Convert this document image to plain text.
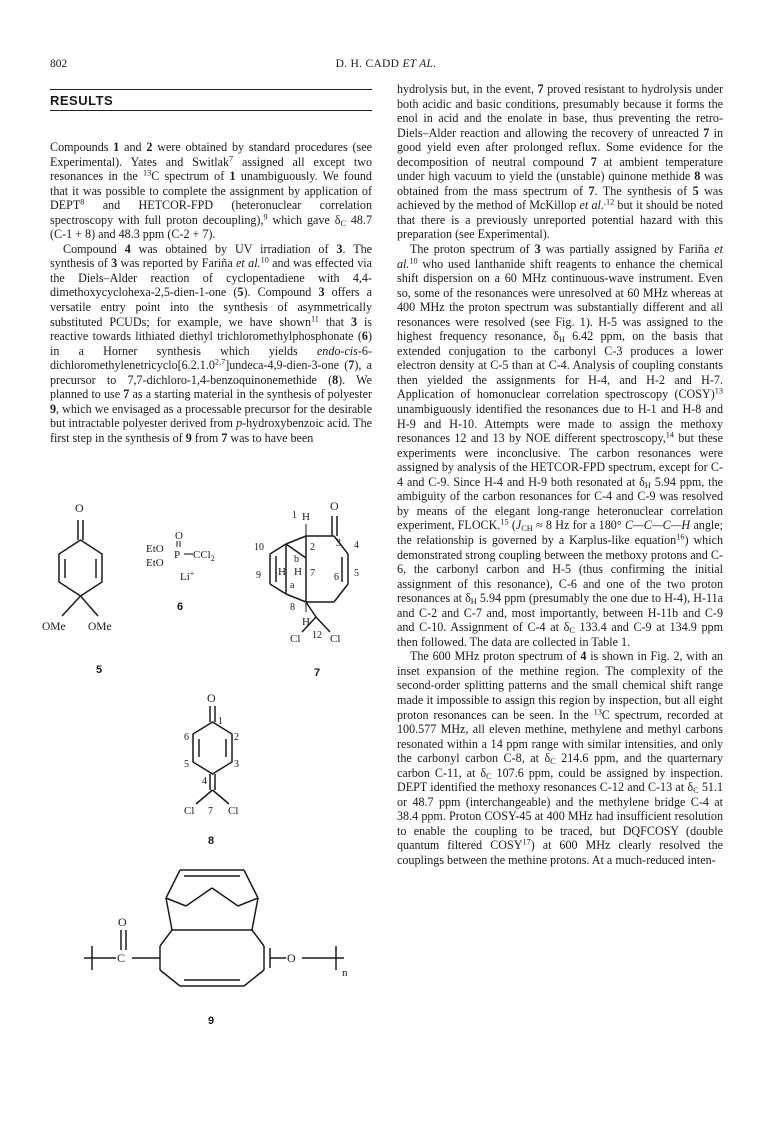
802	D. H. CADD ET AL.
RESULTS

Compounds 1 and 2 were obtained by standard procedures (see Experimental). Yates and Switlak$^7$ assigned all except two resonances in the $^{13}$C spectrum of 1 unambiguously. We found that it was possible to complete the assignment by application of DEPT$^8$ and HETCOR-FPD (heteronuclear correlation spectroscopy with full proton decoupling),$^9$ which gave $\delta_C$ 48.7 (C-1 + 8) and 48.3 ppm (C-2 + 7).

Compound 4 was obtained by UV irradiation of 3. The synthesis of 3 was reported by Fariña et al.$^{10}$ and was effected via the Diels–Alder reaction of cyclopentadiene with 4,4-dimethoxycyclohexa-2,5-dien-1-one (5). Compound 3 offers a versatile entry point into the synthesis of asymmetrically substituted PCUDs; for example, we have shown$^{11}$ that 3 is reactive towards lithiated diethyl trichloromethylphosphonate (6) in a Horner synthesis which yields endo-cis-6-dichloromethylenetricyclo[6.2.1.0$^{2,7}$]undeca-4,9-dien-3-one (7), a precursor to 7,7-dichloro-1,4-benzoquinonemethide (8). We planned to use 7 as a starting material in the synthesis of polyester 9, which we envisaged as a processable precursor for the desirable but intractable polyester derived from p-hydroxybenzoic acid. The first step in the synthesis of 9 from 7 was to have been

hydrolysis but, in the event, 7 proved resistant to hydrolysis under both acidic and basic conditions, presumably because it forms the enol in acid and the enolate in base, thus preventing the retro-Diels–Alder reaction and allowing the recovery of unreacted 7 in good yield even after prolonged reflux. Some evidence for the decomposition of neutral compound 7 at ambient temperature under high vacuum to yield the (unstable) quinone methide 8 was obtained from the mass spectrum of 7. The synthesis of 5 was achieved by the method of McKillop et al.$^{,12}$ but it should be noted that there is a previously unreported potential hazard with this preparation (see Experimental).

The proton spectrum of 3 was partially assigned by Fariña et al.$^{10}$ who used lanthanide shift reagents to enhance the chemical shift dispersion on a 60 MHz continuous-wave instrument. Even so, some of the resonances were unresolved at 60 MHz whereas at 400 MHz the proton spectrum was substantially different and all resonances were resolved (see Fig. 1). H-5 was assigned to the highest frequency resonance, $\delta_H$ 6.42 ppm, on the basis that extended conjugation to the carbonyl C-3 produces a lower electron density at C-5 than at C-4. Analysis of coupling constants then yielded the assignments for H-4, and H-2 and H-7. Application of homonuclear correlation spectroscopy (COSY)$^{13}$ unambiguously identified the resonances due to H-1 and H-8 and H-9 and H-10. Attempts were made to assign the methoxy resonances 12 and 13 by NOE different spectroscopy,$^{14}$ but these experiments were inconclusive. The carbon resonances were assigned by analysis of the HETCOR-FPD spectrum, except for C-4 and C-9. Since H-4 and H-9 both resonated at $\delta_H$ 5.94 ppm, the ambiguity of the carbon resonances for C-4 and C-9 was resolved by means of the elegant long-range heteronuclear correlation experiment, FLOCK.$^{15}$ ($J_{CH} \approx 8$ Hz for a 180° C—C—C—H angle; the relationship is governed by a Karplus-like equation$^{16}$) which demonstrated strong coupling between the methoxy protons and C-6, the carbonyl carbon and H-5 (thus confirming the initial assignment of this resonance), C-6 and one of the two proton resonances at $\delta_H$ 5.94 ppm (presumably the one due to H-4), H-11a and C-2 and C-7 and, most importantly, between H-11b and C-9 and C-10. Assignment of C-4 at $\delta_C$ 133.4 and C-9 at 134.9 ppm then followed. The data are collected in Table 1.

The 600 MHz proton spectrum of 4 is shown in Fig. 2, with an inset expansion of the methine region. The complexity of the second-order splitting patterns and the small chemical shift range made it impossible to assign this region by inspection, but all eight proton resonances can be seen. In the $^{13}$C spectrum, recorded at 100.577 MHz, all eleven methine, methylene and methyl carbons resonated within a 14 ppm range with similar intensities, and only the carbonyl carbon C-8, at $\delta_C$ 214.6 ppm, and the quarternary carbon C-11, at $\delta_C$ 107.6 ppm, could be assigned by inspection. DEPT identified the methoxy resonances C-12 and C-13 at $\delta_C$ 51.1 or 48.7 ppm (interchangeable) and the methylene bridge C-4 at 38.4 ppm. Proton COSY-45 at 400 MHz had insufficient resolution to enable the coupling to be traced, but DQFCOSY (double quantum filtered COSY$^{17}$) at 600 MHz clearly resolved the couplings between the methine protons. At a much-reduced inten-

O
OMe OMe
5
O
EtO P CCl$_2$
EtO
Li+
6
O
H
H
H H
1
2 3 4
5
6
7
8
9
10
a
b
12
Cl	Cl
7
O
1
2
3
4
5
6
7
Cl	Cl
8
O
C	O
n
9
